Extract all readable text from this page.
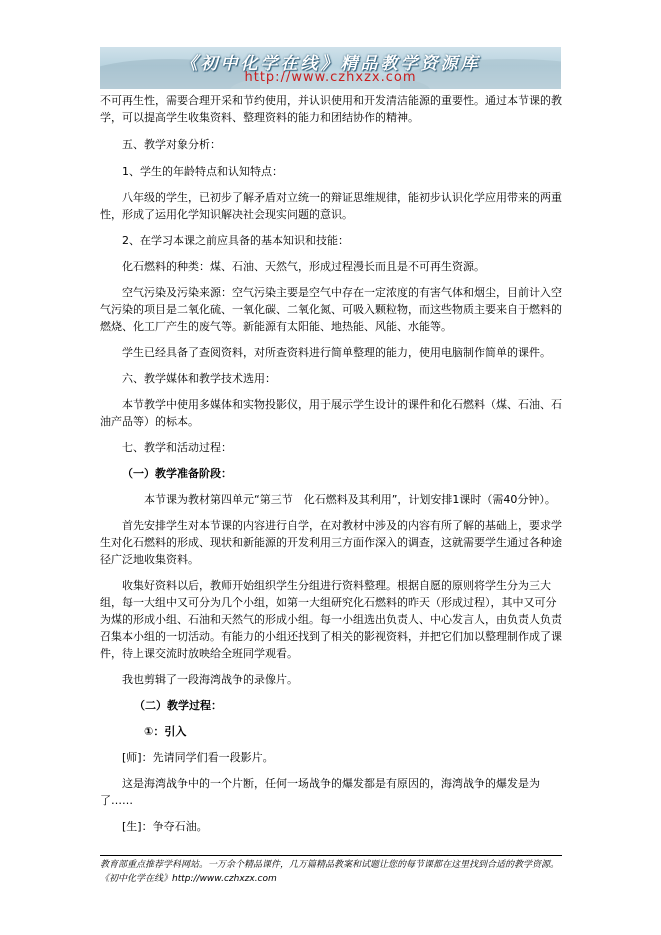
《初中化学在线》精品教学资源库
http://www.czhxzx.com

不可再生性，需要合理开采和节约使用，并认识使用和开发清洁能源的重要性。通过本节课的教学，可以提高学生收集资料、整理资料的能力和团结协作的精神。

五、教学对象分析：

1、学生的年龄特点和认知特点：

八年级的学生，已初步了解矛盾对立统一的辩证思维规律，能初步认识化学应用带来的两重性，形成了运用化学知识解决社会现实问题的意识。

2、在学习本课之前应具备的基本知识和技能：

化石燃料的种类：煤、石油、天然气，形成过程漫长而且是不可再生资源。

空气污染及污染来源：空气污染主要是空气中存在一定浓度的有害气体和烟尘，目前计入空气污染的项目是二氧化硫、一氧化碳、二氧化氮、可吸入颗粒物，而这些物质主要来自于燃料的燃烧、化工厂产生的废气等。新能源有太阳能、地热能、风能、水能等。

学生已经具备了查阅资料，对所查资料进行简单整理的能力，使用电脑制作简单的课件。

六、教学媒体和教学技术选用：

本节教学中使用多媒体和实物投影仪，用于展示学生设计的课件和化石燃料（煤、石油、石油产品等）的标本。

七、教学和活动过程：

（一）教学准备阶段：

本节课为教材第四单元“第三节　化石燃料及其利用”，计划安排1课时（需40分钟）。

首先安排学生对本节课的内容进行自学，在对教材中涉及的内容有所了解的基础上，要求学生对化石燃料的形成、现状和新能源的开发利用三方面作深入的调查，这就需要学生通过各种途径广泛地收集资料。

收集好资料以后，教师开始组织学生分组进行资料整理。根据自愿的原则将学生分为三大组，每一大组中又可分为几个小组，如第一大组研究化石燃料的昨天（形成过程），其中又可分为煤的形成小组、石油和天然气的形成小组。每一小组选出负责人、中心发言人，由负责人负责召集本小组的一切活动。有能力的小组还找到了相关的影视资料，并把它们加以整理制作成了课件，待上课交流时放映给全班同学观看。

我也剪辑了一段海湾战争的录像片。

（二）教学过程：

①：引入

[师]：先请同学们看一段影片。

这是海湾战争中的一个片断，任何一场战争的爆发都是有原因的，海湾战争的爆发是为了……

[生]：争夺石油。

教育部重点推荐学科网站。一万余个精品课件，几万篇精品教案和试题让您的每节课都在这里找到合适的教学资源。《初中化学在线》http://www.czhxzx.com
